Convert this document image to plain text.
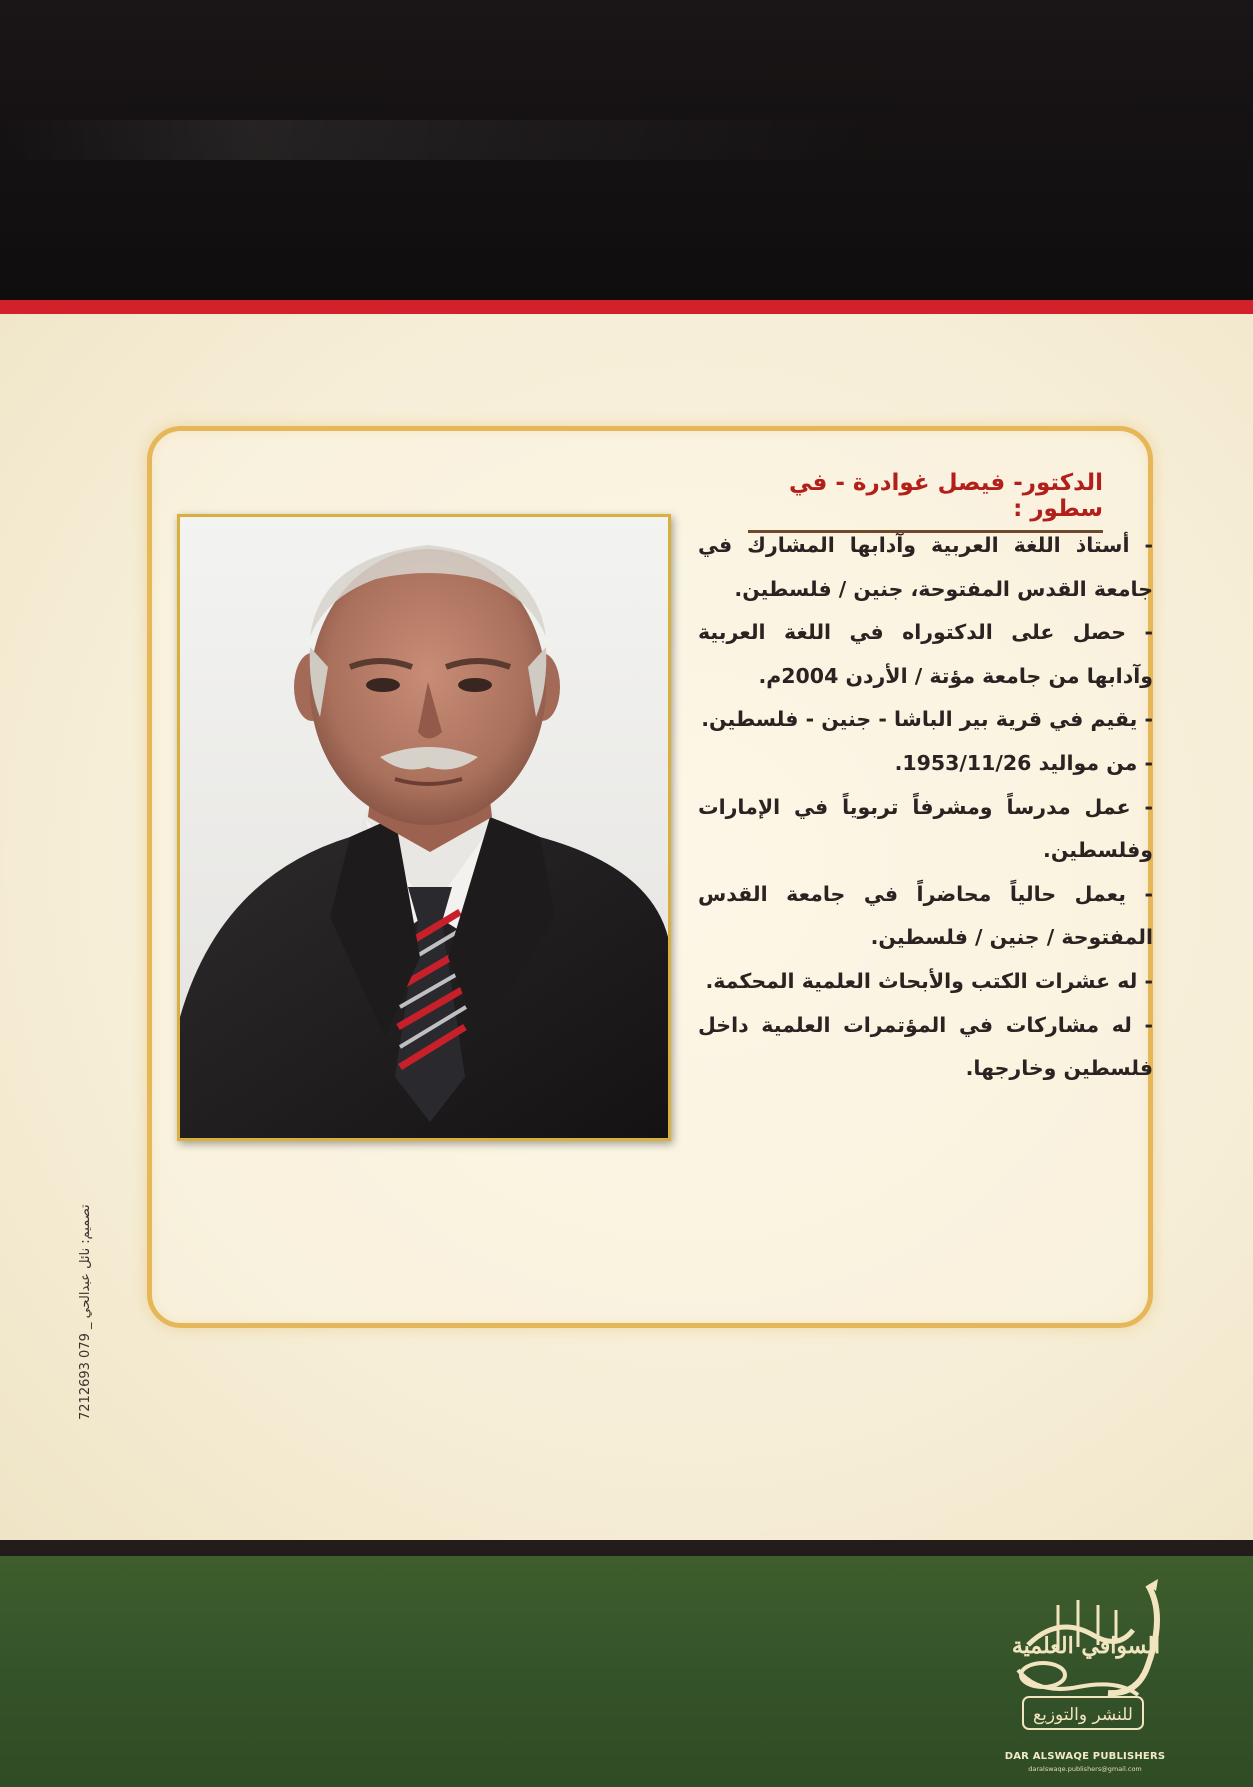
الدكتور- فيصل غوادرة - في سطور :
- أستاذ اللغة العربية وآدابها المشارك في جامعة القدس المفتوحة، جنين / فلسطين.
- حصل على الدكتوراه في اللغة العربية وآدابها من جامعة مؤتة / الأردن 2004م.
- يقيم في قرية بير الباشا - جنين - فلسطين.
- من مواليد 1953/11/26.
- عمل مدرساً ومشرفاً تربوياً في الإمارات وفلسطين.
- يعمل حالياً محاضراً في جامعة القدس المفتوحة / جنين / فلسطين.
- له عشرات الكتب والأبحاث العلمية المحكمة.
- له مشاركات في المؤتمرات العلمية داخل فلسطين وخارجها.
تصميم: نائل عبدالحي _ 079 7212693
السوافي العلمية
للنشر والتوزيع
DAR ALSWAQE PUBLISHERS
daralswaqe.publishers@gmail.com
